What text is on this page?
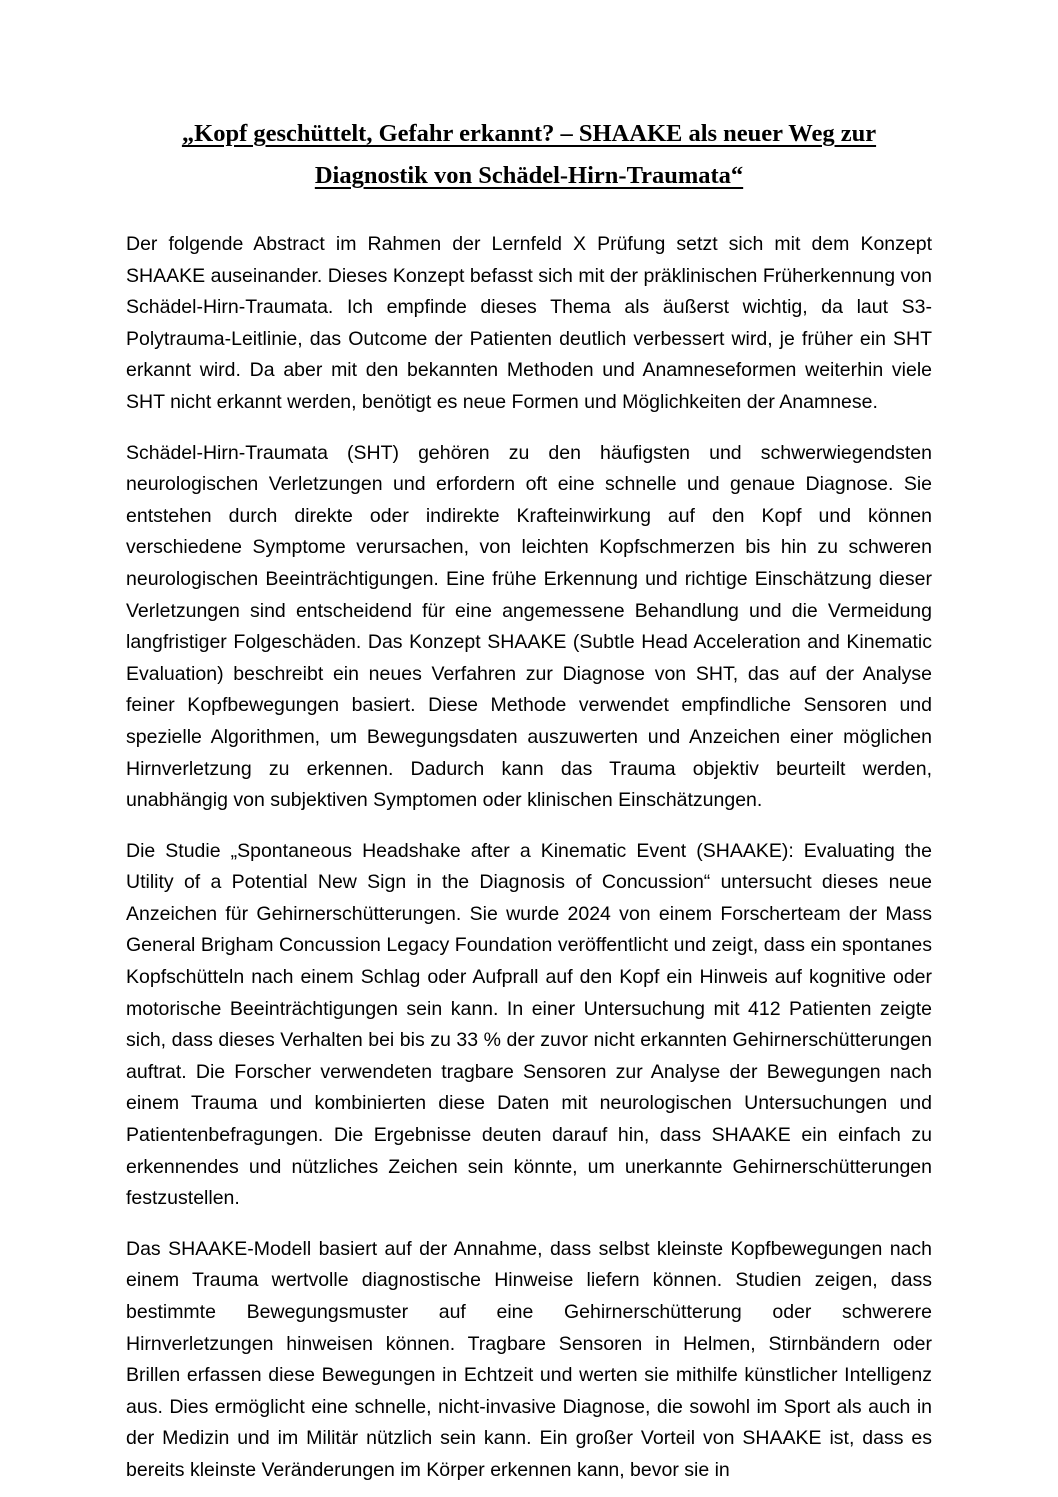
„Kopf geschüttelt, Gefahr erkannt? – SHAAKE als neuer Weg zur Diagnostik von Schädel-Hirn-Traumata“

Der folgende Abstract im Rahmen der Lernfeld X Prüfung setzt sich mit dem Konzept SHAAKE auseinander. Dieses Konzept befasst sich mit der präklinischen Früherkennung von Schädel-Hirn-Traumata. Ich empfinde dieses Thema als äußerst wichtig, da laut S3-Polytrauma-Leitlinie, das Outcome der Patienten deutlich verbessert wird, je früher ein SHT erkannt wird. Da aber mit den bekannten Methoden und Anamneseformen weiterhin viele SHT nicht erkannt werden, benötigt es neue Formen und Möglichkeiten der Anamnese.

Schädel-Hirn-Traumata (SHT) gehören zu den häufigsten und schwerwiegendsten neurologischen Verletzungen und erfordern oft eine schnelle und genaue Diagnose. Sie entstehen durch direkte oder indirekte Krafteinwirkung auf den Kopf und können verschiedene Symptome verursachen, von leichten Kopfschmerzen bis hin zu schweren neurologischen Beeinträchtigungen. Eine frühe Erkennung und richtige Einschätzung dieser Verletzungen sind entscheidend für eine angemessene Behandlung und die Vermeidung langfristiger Folgeschäden. Das Konzept SHAAKE (Subtle Head Acceleration and Kinematic Evaluation) beschreibt ein neues Verfahren zur Diagnose von SHT, das auf der Analyse feiner Kopfbewegungen basiert. Diese Methode verwendet empfindliche Sensoren und spezielle Algorithmen, um Bewegungsdaten auszuwerten und Anzeichen einer möglichen Hirnverletzung zu erkennen. Dadurch kann das Trauma objektiv beurteilt werden, unabhängig von subjektiven Symptomen oder klinischen Einschätzungen.

Die Studie „Spontaneous Headshake after a Kinematic Event (SHAAKE): Evaluating the Utility of a Potential New Sign in the Diagnosis of Concussion“ untersucht dieses neue Anzeichen für Gehirnerschütterungen. Sie wurde 2024 von einem Forscherteam der Mass General Brigham Concussion Legacy Foundation veröffentlicht und zeigt, dass ein spontanes Kopfschütteln nach einem Schlag oder Aufprall auf den Kopf ein Hinweis auf kognitive oder motorische Beeinträchtigungen sein kann. In einer Untersuchung mit 412 Patienten zeigte sich, dass dieses Verhalten bei bis zu 33 % der zuvor nicht erkannten Gehirnerschütterungen auftrat. Die Forscher verwendeten tragbare Sensoren zur Analyse der Bewegungen nach einem Trauma und kombinierten diese Daten mit neurologischen Untersuchungen und Patientenbefragungen. Die Ergebnisse deuten darauf hin, dass SHAAKE ein einfach zu erkennendes und nützliches Zeichen sein könnte, um unerkannte Gehirnerschütterungen festzustellen.

Das SHAAKE-Modell basiert auf der Annahme, dass selbst kleinste Kopfbewegungen nach einem Trauma wertvolle diagnostische Hinweise liefern können. Studien zeigen, dass bestimmte Bewegungsmuster auf eine Gehirnerschütterung oder schwerere Hirnverletzungen hinweisen können. Tragbare Sensoren in Helmen, Stirnbändern oder Brillen erfassen diese Bewegungen in Echtzeit und werten sie mithilfe künstlicher Intelligenz aus. Dies ermöglicht eine schnelle, nicht-invasive Diagnose, die sowohl im Sport als auch in der Medizin und im Militär nützlich sein kann. Ein großer Vorteil von SHAAKE ist, dass es bereits kleinste Veränderungen im Körper erkennen kann, bevor sie in
